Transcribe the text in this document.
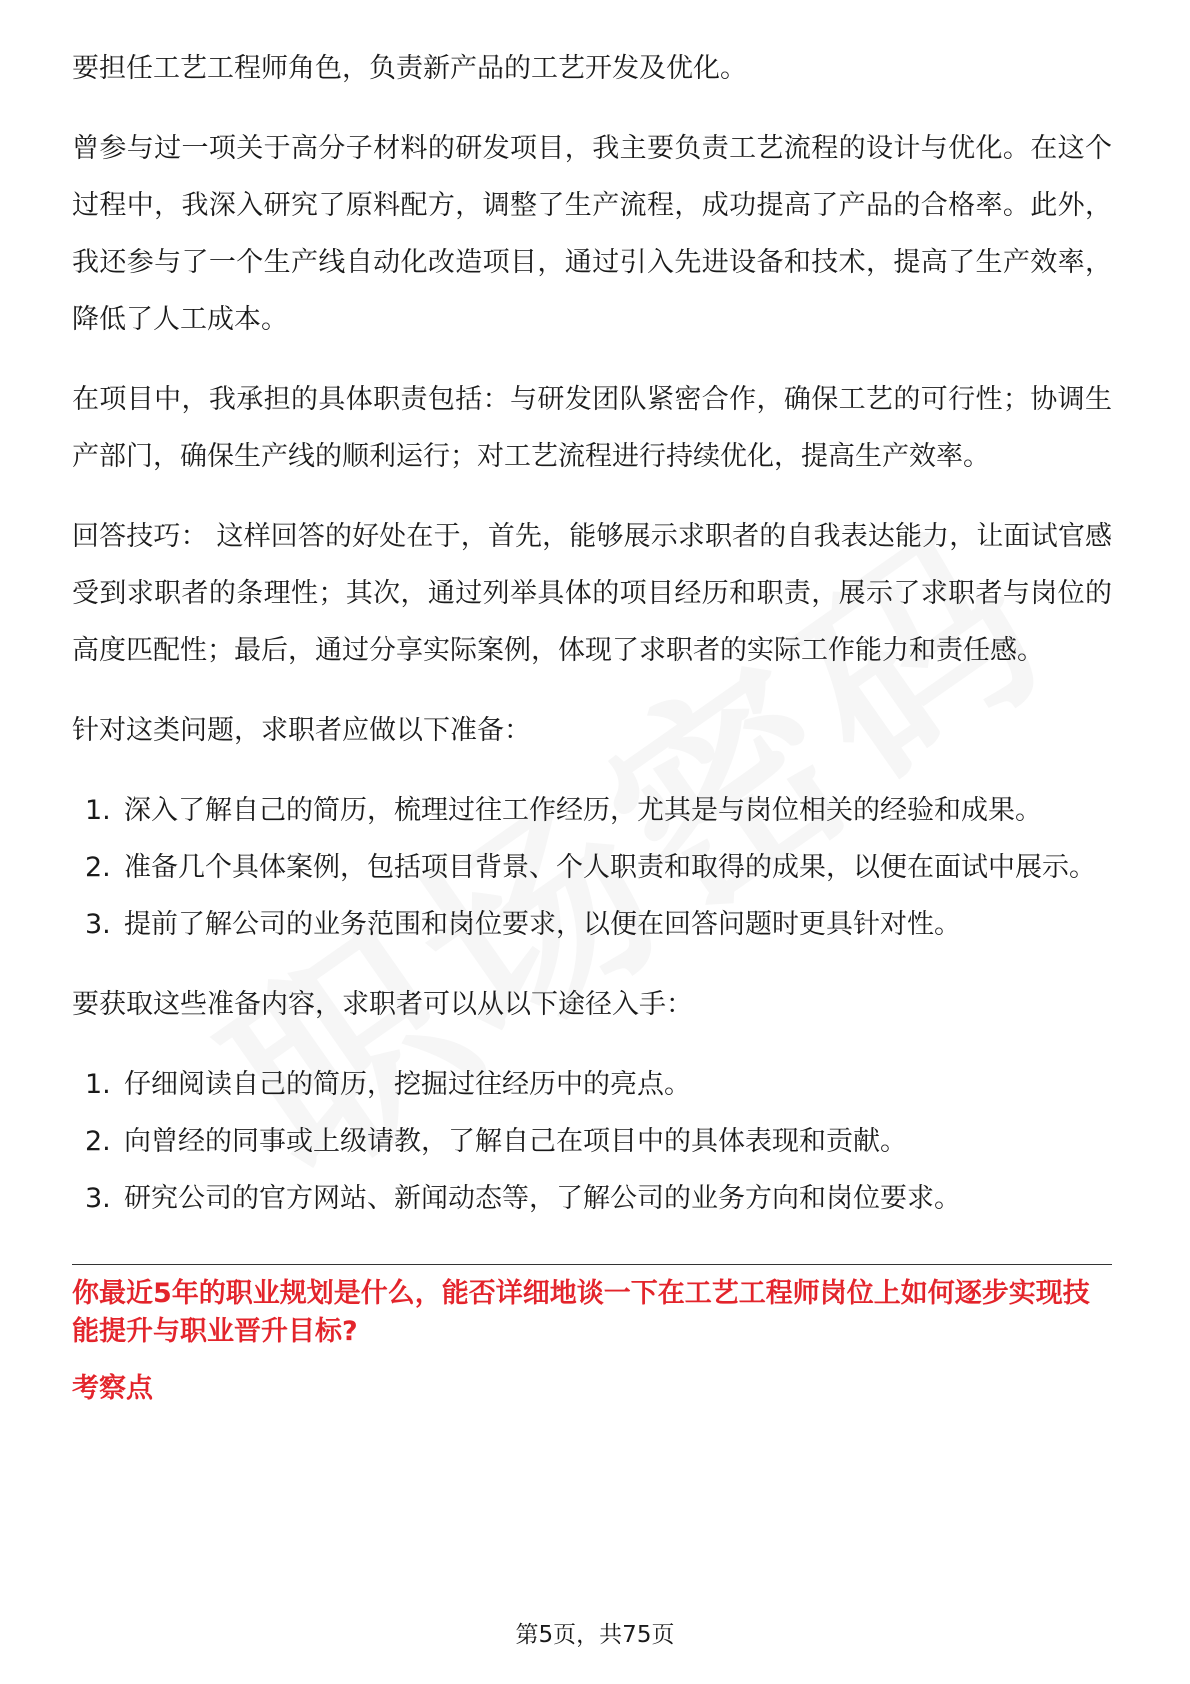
要担任工艺工程师角色，负责新产品的工艺开发及优化。

曾参与过一项关于高分子材料的研发项目，我主要负责工艺流程的设计与优化。在这个过程中，我深入研究了原料配方，调整了生产流程，成功提高了产品的合格率。此外，我还参与了一个生产线自动化改造项目，通过引入先进设备和技术，提高了生产效率，降低了人工成本。

在项目中，我承担的具体职责包括：与研发团队紧密合作，确保工艺的可行性；协调生产部门，确保生产线的顺利运行；对工艺流程进行持续优化，提高生产效率。

回答技巧： 这样回答的好处在于，首先，能够展示求职者的自我表达能力，让面试官感受到求职者的条理性；其次，通过列举具体的项目经历和职责，展示了求职者与岗位的高度匹配性；最后，通过分享实际案例，体现了求职者的实际工作能力和责任感。

针对这类问题，求职者应做以下准备：

1. 深入了解自己的简历，梳理过往工作经历，尤其是与岗位相关的经验和成果。
2. 准备几个具体案例，包括项目背景、个人职责和取得的成果，以便在面试中展示。
3. 提前了解公司的业务范围和岗位要求，以便在回答问题时更具针对性。

要获取这些准备内容，求职者可以从以下途径入手：

1. 仔细阅读自己的简历，挖掘过往经历中的亮点。
2. 向曾经的同事或上级请教，了解自己在项目中的具体表现和贡献。
3. 研究公司的官方网站、新闻动态等，了解公司的业务方向和岗位要求。

你最近5年的职业规划是什么，能否详细地谈一下在工艺工程师岗位上如何逐步实现技能提升与职业晋升目标?

考察点

第5页，共75页
